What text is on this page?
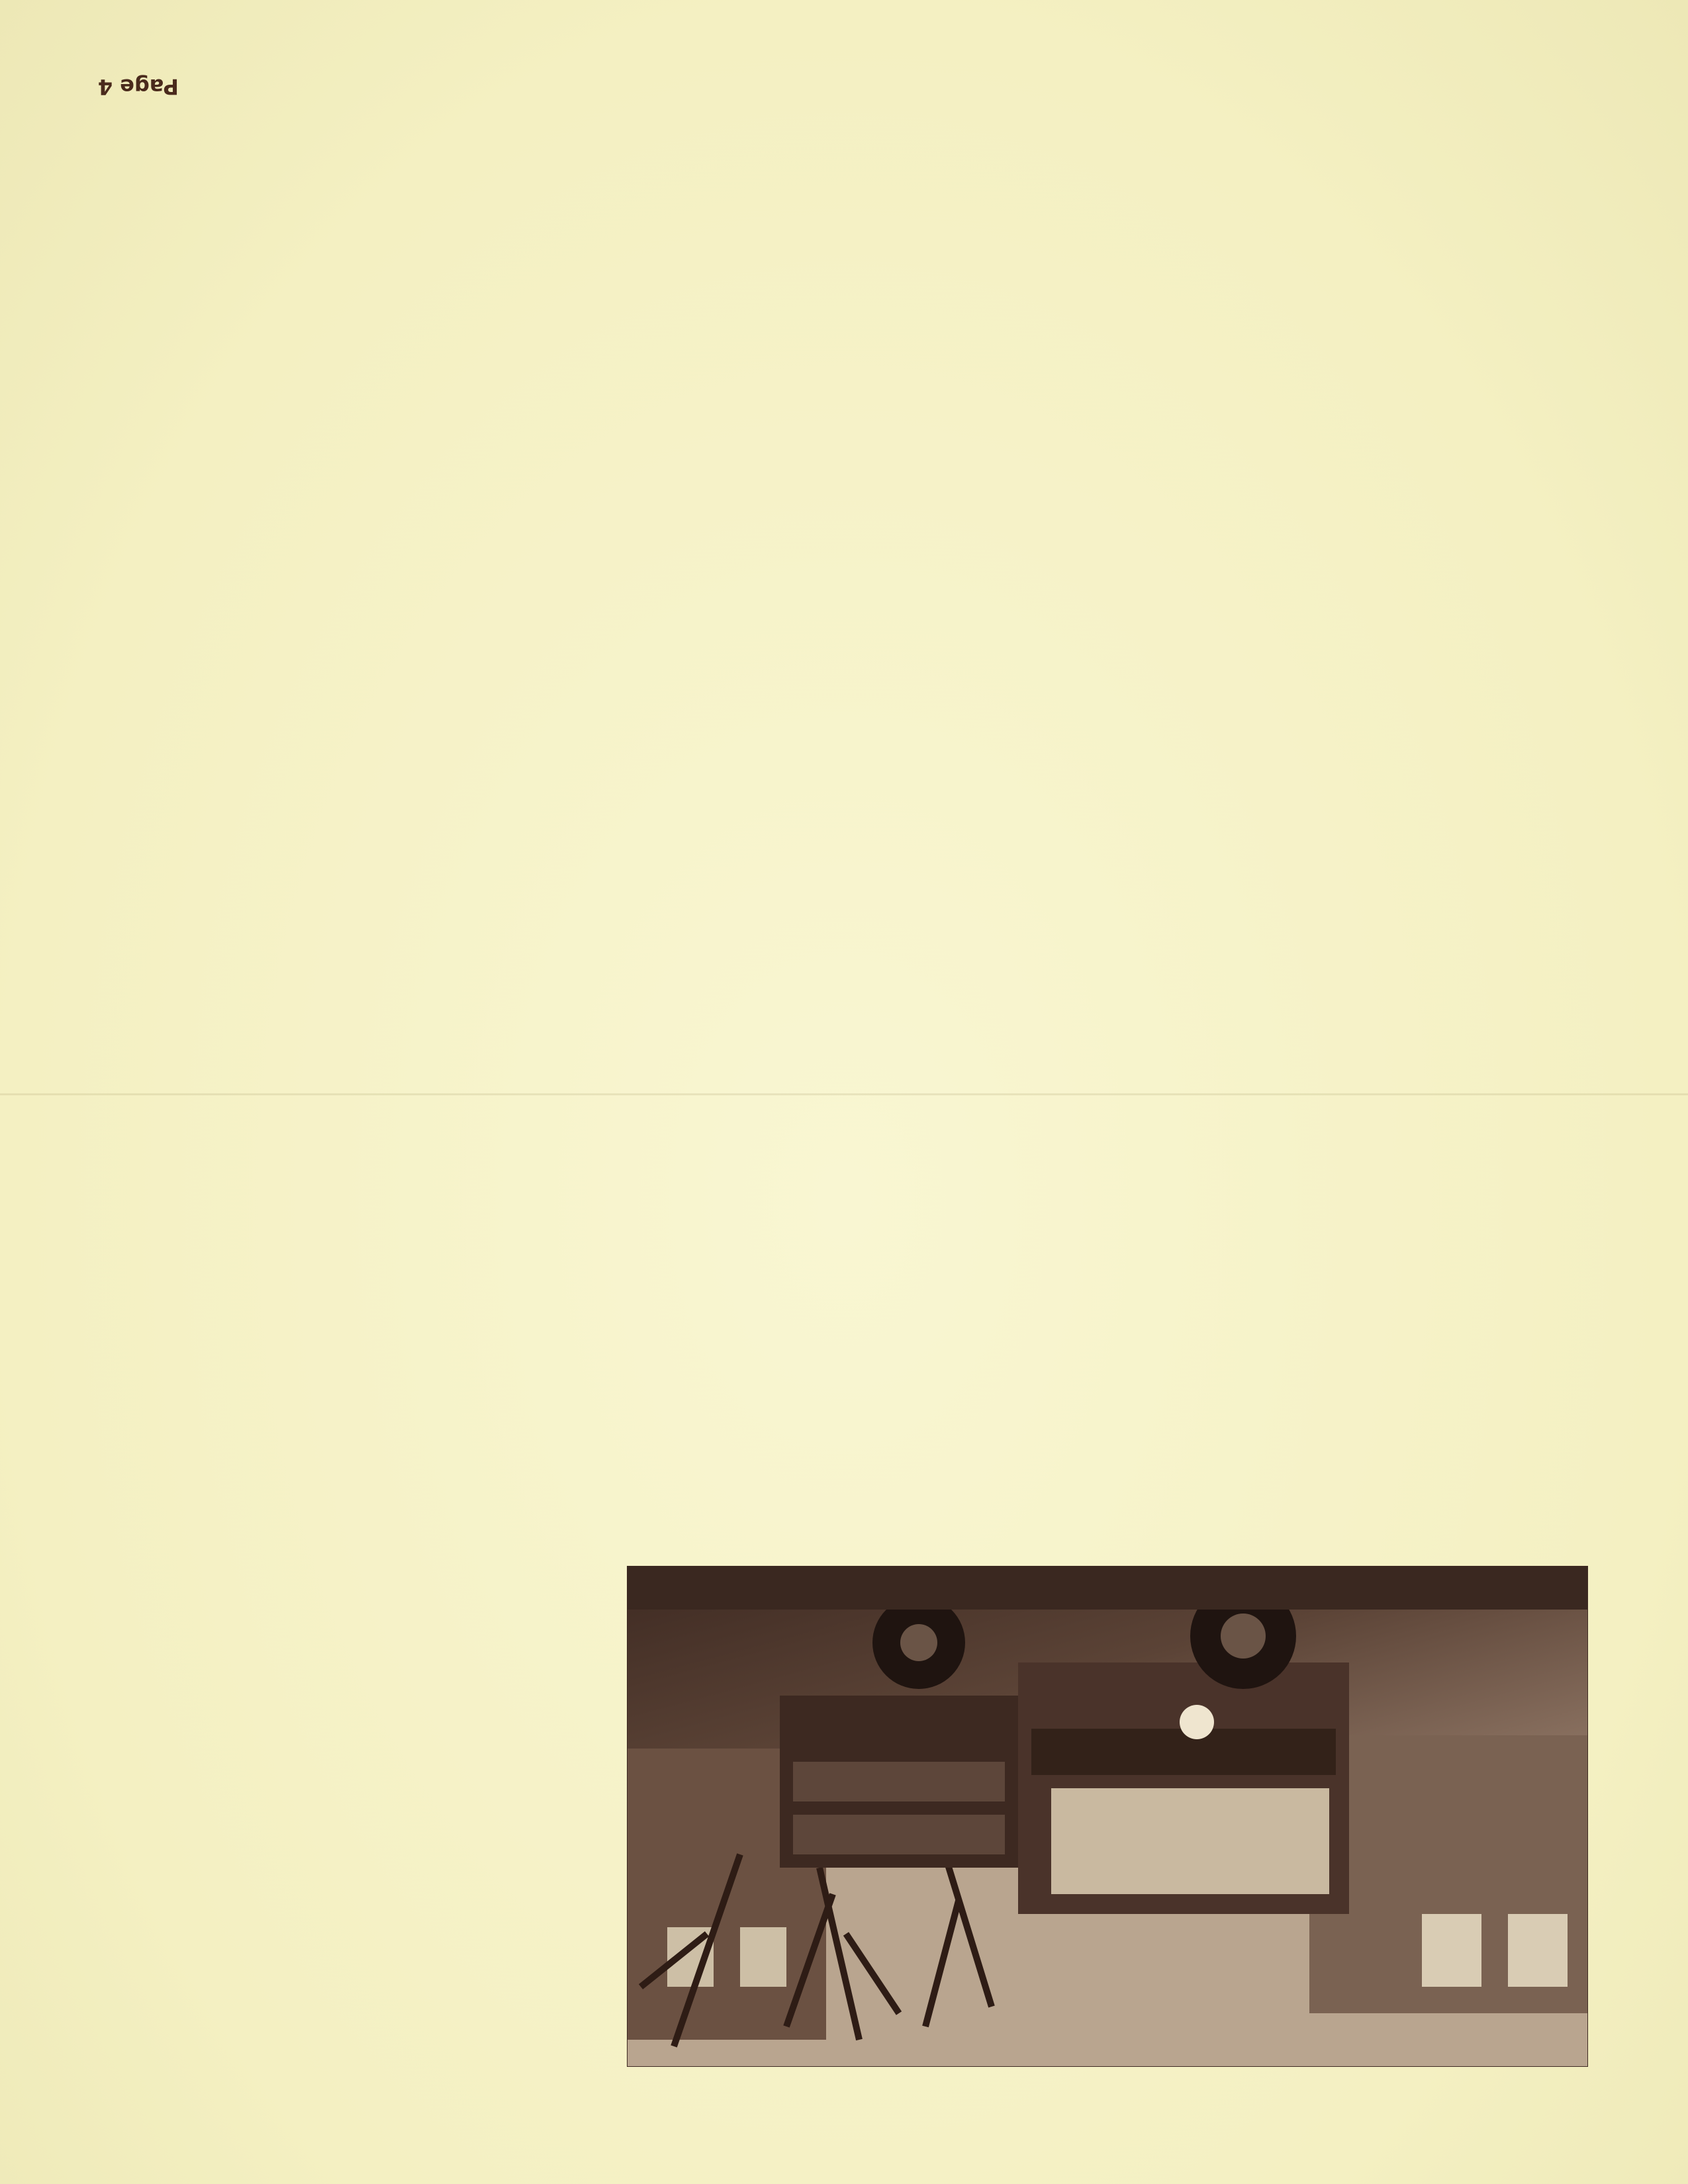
Page 4
